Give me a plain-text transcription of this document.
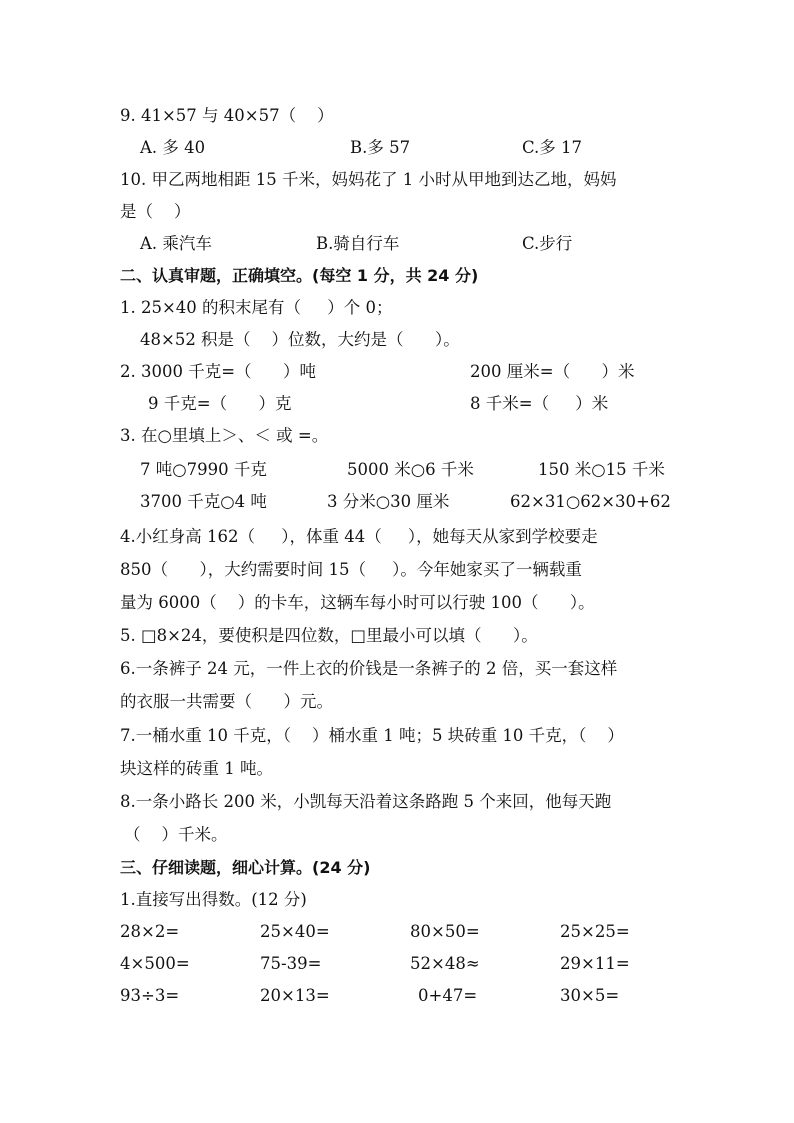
9. 41×57 与 40×57（    ）
A. 多 40	B.多 57	C.多 17
10. 甲乙两地相距 15 千米，妈妈花了 1 小时从甲地到达乙地，妈妈
是（    ）
A. 乘汽车	B.骑自行车	C.步行
二、认真审题，正确填空。(每空 1 分，共 24 分)
1. 25×40 的积末尾有（     ）个 0；
48×52 积是（    ）位数，大约是（      ）。
2. 3000 千克=（      ）吨	200 厘米=（      ）米
9 千克=（      ）克	8 千米=（     ）米
3. 在○里填上＞、＜ 或 =。
7 吨○7990 千克	5000 米○6 千米	150 米○15 千米
3700 千克○4 吨	3 分米○30 厘米	62×31○62×30+62
4.小红身高 162（     ），体重 44（     ），她每天从家到学校要走
850（      ），大约需要时间 15（     ）。今年她家买了一辆载重
量为 6000（    ）的卡车，这辆车每小时可以行驶 100（      ）。
5. □8×24，要使积是四位数，□里最小可以填（      ）。
6.一条裤子 24 元，一件上衣的价钱是一条裤子的 2 倍，买一套这样
的衣服一共需要（      ）元。
7.一桶水重 10 千克，（    ）桶水重 1 吨；5 块砖重 10 千克，（    ）
块这样的砖重 1 吨。
8.一条小路长 200 米，小凯每天沿着这条路跑 5 个来回，他每天跑
（    ）千米。
三、仔细读题，细心计算。(24 分)
1.直接写出得数。(12 分)
28×2=	25×40=	80×50=	25×25=
4×500=	75-39=	52×48≈	29×11=
93÷3=	20×13=	0+47=	30×5=
